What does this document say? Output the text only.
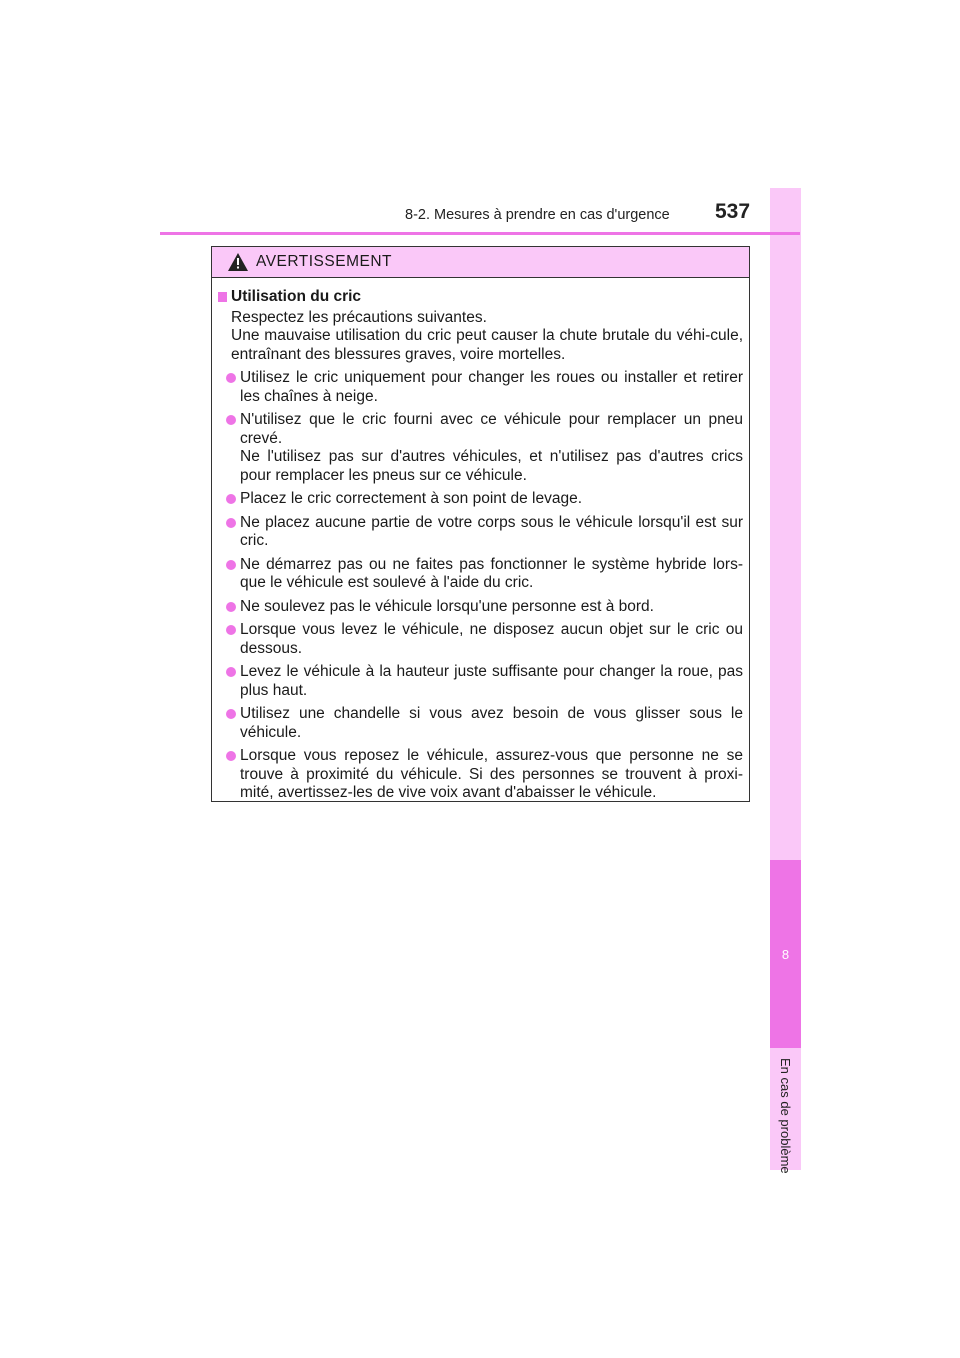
8
En cas de problème
8-2. Mesures à prendre en cas d'urgence 537
AVERTISSEMENT
Utilisation du cric
Respectez les précautions suivantes.
Une mauvaise utilisation du cric peut causer la chute brutale du véhi-cule, entraînant des blessures graves, voire mortelles.
Utilisez le cric uniquement pour changer les roues ou installer et retirer les chaînes à neige.
N'utilisez que le cric fourni avec ce véhicule pour remplacer un pneu crevé.
Ne l'utilisez pas sur d'autres véhicules, et n'utilisez pas d'autres crics pour remplacer les pneus sur ce véhicule.
Placez le cric correctement à son point de levage.
Ne placez aucune partie de votre corps sous le véhicule lorsqu'il est sur cric.
Ne démarrez pas ou ne faites pas fonctionner le système hybride lors-que le véhicule est soulevé à l'aide du cric.
Ne soulevez pas le véhicule lorsqu'une personne est à bord.
Lorsque vous levez le véhicule, ne disposez aucun objet sur le cric ou dessous.
Levez le véhicule à la hauteur juste suffisante pour changer la roue, pas plus haut.
Utilisez une chandelle si vous avez besoin de vous glisser sous le véhicule.
Lorsque vous reposez le véhicule, assurez-vous que personne ne se trouve à proximité du véhicule. Si des personnes se trouvent à proxi-mité, avertissez-les de vive voix avant d'abaisser le véhicule.
